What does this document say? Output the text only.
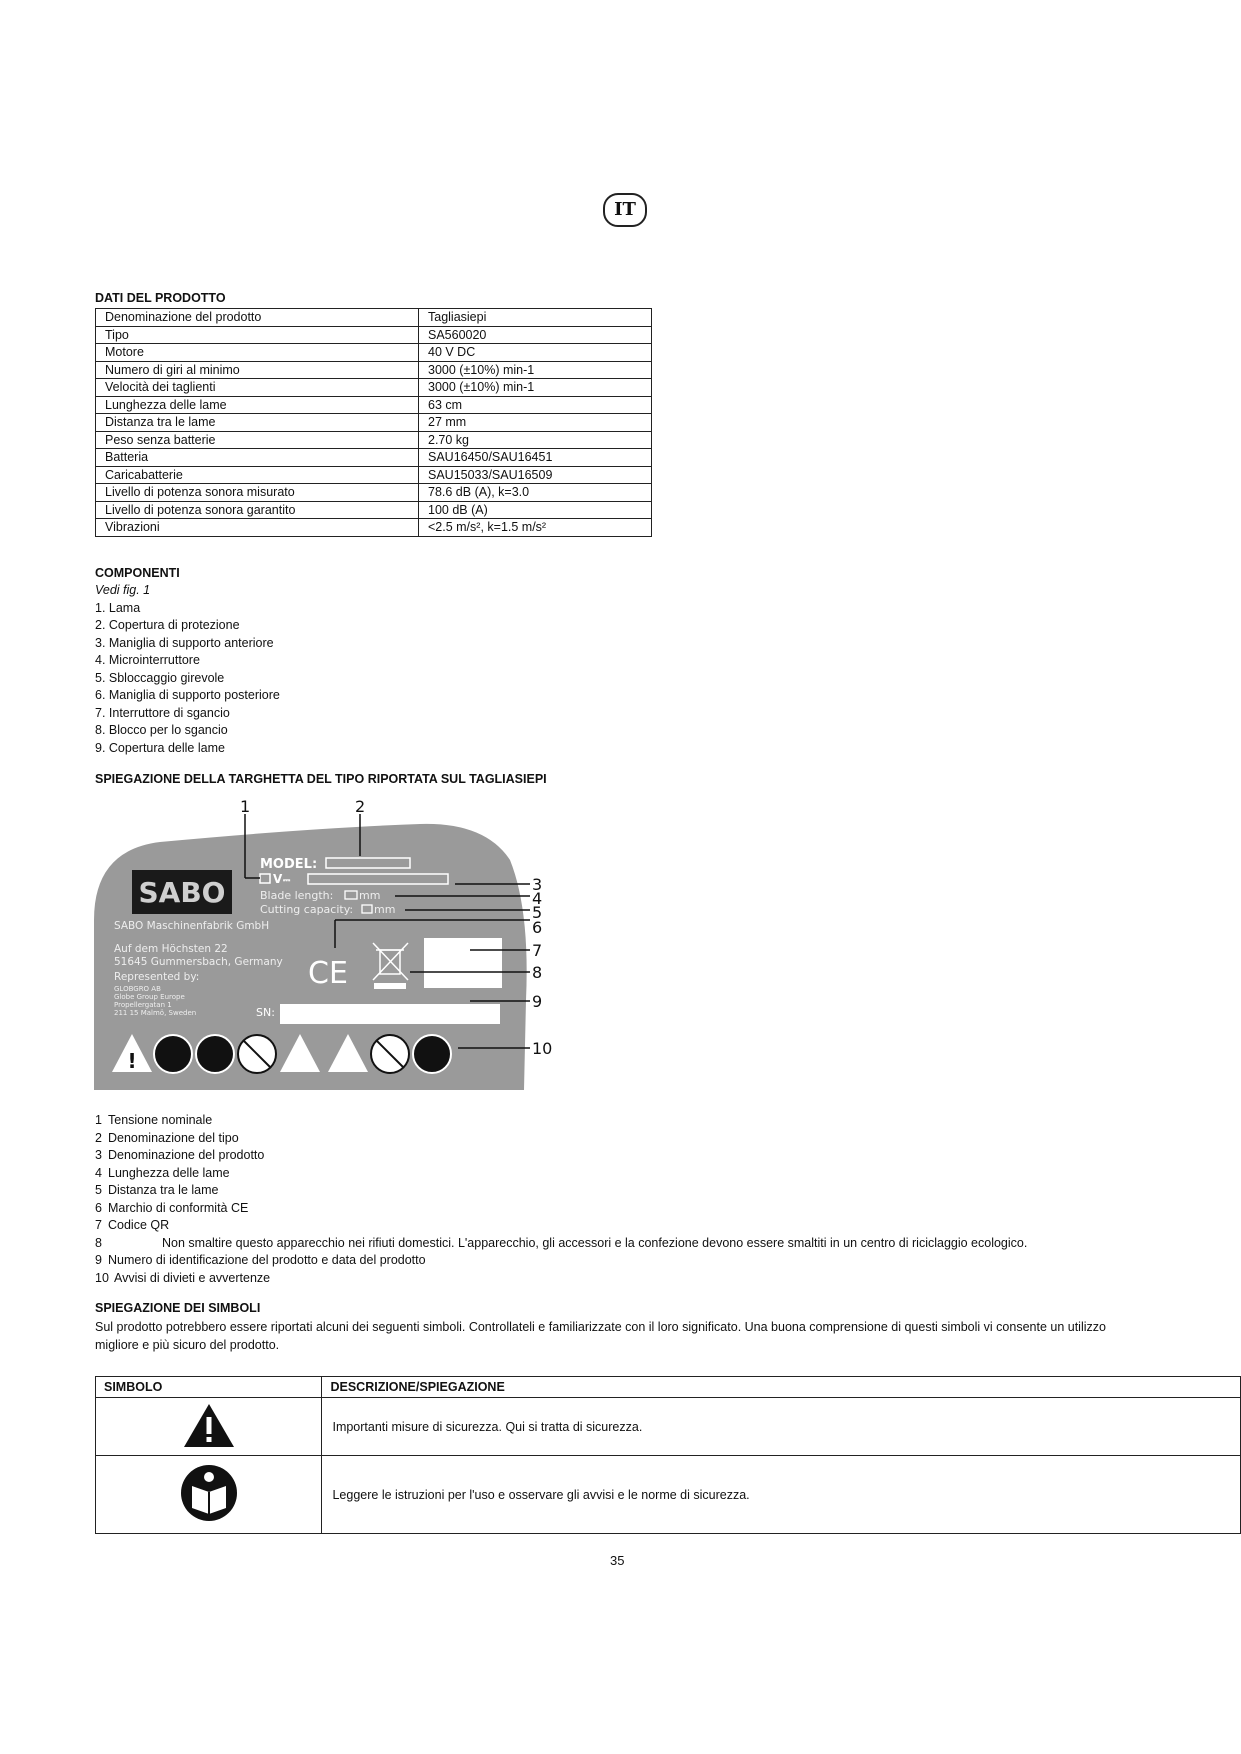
IT
DATI DEL PRODOTTO
Denominazione del prodotto	Tagliasiepi
Tipo	SA560020
Motore	40 V DC
Numero di giri al minimo	3000 (±10%) min-1
Velocità dei taglienti	3000 (±10%) min-1
Lunghezza delle lame	63 cm
Distanza tra le lame	27 mm
Peso senza batterie	2.70 kg
Batteria	SAU16450/SAU16451
Caricabatterie	SAU15033/SAU16509
Livello di potenza sonora misurato	78.6 dB (A), k=3.0
Livello di potenza sonora garantito	100 dB (A)
Vibrazioni	<2.5 m/s², k=1.5 m/s²
COMPONENTI
Vedi fig. 1
1. Lama
2. Copertura di protezione
3. Maniglia di supporto anteriore
4. Microinterruttore
5. Sbloccaggio girevole
6. Maniglia di supporto posteriore
7. Interruttore di sgancio
8. Blocco per lo sgancio
9. Copertura delle lame
SPIEGAZIONE DELLA TARGHETTA DEL TIPO RIPORTATA SUL TAGLIASIEPI
SABO
MODEL:
V ⎓
Blade length: mm
Cutting capacity: mm
SABO Maschinenfabrik GmbH
Auf dem Höchsten 22
51645 Gummersbach, Germany
Represented by:
GLOBGRO AB
Globe Group Europe
Propellergatan 1
211 15 Malmö, Sweden
CE
SN:
!
1	2
3
4
5
6
7
8
9
10
1 Tensione nominale
2 Denominazione del tipo
3 Denominazione del prodotto
4 Lunghezza delle lame
5 Distanza tra le lame
6 Marchio di conformità CE
7 Codice QR
8	Non smaltire questo apparecchio nei rifiuti domestici. L'apparecchio, gli accessori e la confezione devono essere smaltiti in un centro di riciclaggio ecologico.
9 Numero di identificazione del prodotto e data del prodotto
10 Avvisi di divieti e avvertenze
SPIEGAZIONE DEI SIMBOLI
Sul prodotto potrebbero essere riportati alcuni dei seguenti simboli. Controllateli e familiarizzate con il loro significato. Una buona comprensione di questi simboli vi consente un utilizzo migliore e più sicuro del prodotto.
SIMBOLO	DESCRIZIONE/SPIEGAZIONE
	Importanti misure di sicurezza. Qui si tratta di sicurezza.
	Leggere le istruzioni per l'uso e osservare gli avvisi e le norme di sicurezza.
35
